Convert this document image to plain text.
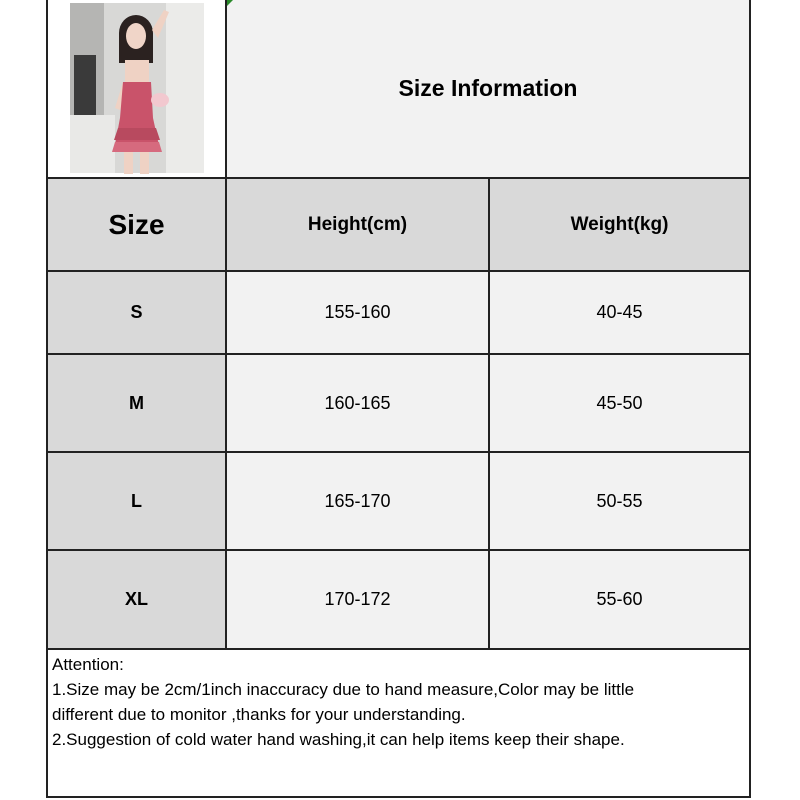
Size Information
Size	Height(cm)	Weight(kg)
S	155-160	40-45
M	160-165	45-50
L	165-170	50-55
XL	170-172	55-60
Attention:
1.Size may be 2cm/1inch inaccuracy due to hand measure,Color may be little
different due to monitor ,thanks for your understanding.
2.Suggestion of cold water hand washing,it can help items keep their shape.
